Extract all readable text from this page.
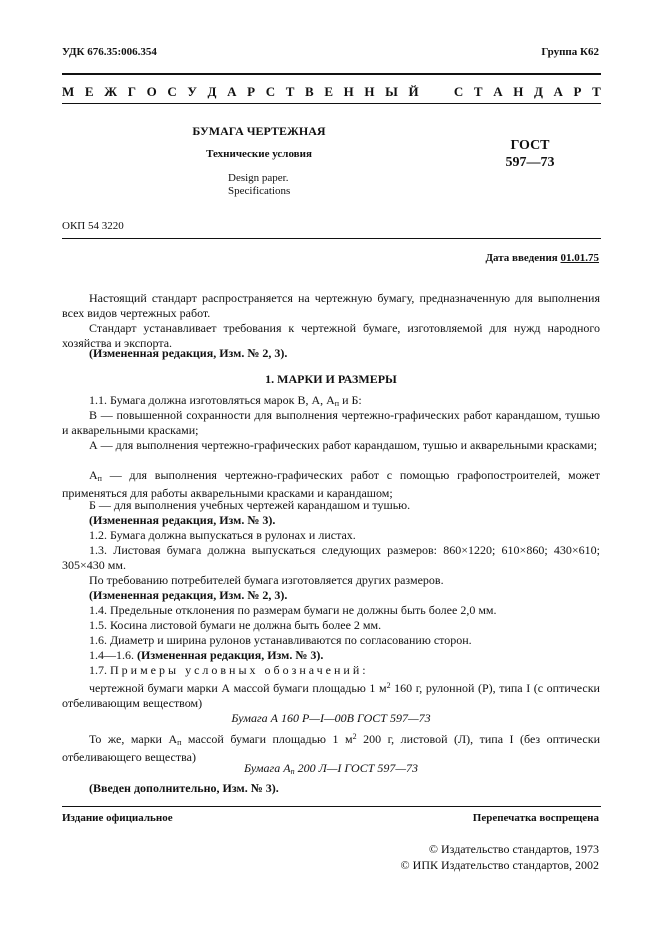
УДК 676.35:006.354	Группа К62
М Е Ж Г О С У Д А Р С Т В Е Н Н Ы Й	С Т А Н Д А Р Т
БУМАГА ЧЕРТЕЖНАЯ
Технические условия
Design paper.
Specifications
ГОСТ
597—73
ОКП 54 3220
Дата введения 01.01.75
Настоящий стандарт распространяется на чертежную бумагу, предназначенную для выполнения всех видов чертежных работ.
Стандарт устанавливает требования к чертежной бумаге, изготовляемой для нужд народного хозяйства и экспорта.
(Измененная редакция, Изм. № 2, 3).
1. МАРКИ И РАЗМЕРЫ
1.1. Бумага должна изготовляться марок В, А, $А_п$ и Б:
В — повышенной сохранности для выполнения чертежно-графических работ карандашом, тушью и акварельными красками;
А — для выполнения чертежно-графических работ карандашом, тушью и акварельными красками;
$А_п$ — для выполнения чертежно-графических работ с помощью графопостроителей, может применяться для работы акварельными красками и карандашом;
Б — для выполнения учебных чертежей карандашом и тушью.
(Измененная редакция, Изм. № 3).
1.2. Бумага должна выпускаться в рулонах и листах.
1.3. Листовая бумага должна выпускаться следующих размеров: 860×1220; 610×860; 430×610; 305×430 мм.
По требованию потребителей бумага изготовляется других размеров.
(Измененная редакция, Изм. № 2, 3).
1.4. Предельные отклонения по размерам бумаги не должны быть более 2,0 мм.
1.5. Косина листовой бумаги не должна быть более 2 мм.
1.6. Диаметр и ширина рулонов устанавливаются по согласованию сторон.
1.4—1.6. (Измененная редакция, Изм. № 3).
1.7. Примеры условных обозначений:
чертежной бумаги марки А массой бумаги площадью 1 $м^2$ 160 г, рулонной (Р), типа I (с оптически отбеливающим веществом)
Бумага А 160 Р—I—00В ГОСТ 597—73
То же, марки $А_п$ массой бумаги площадью 1 $м^2$ 200 г, листовой (Л), типа I (без оптически отбеливающего вещества)
Бумага $А_п$ 200 Л—I ГОСТ 597—73
(Введен дополнительно, Изм. № 3).
Издание официальное	Перепечатка воспрещена
© Издательство стандартов, 1973
© ИПК Издательство стандартов, 2002
